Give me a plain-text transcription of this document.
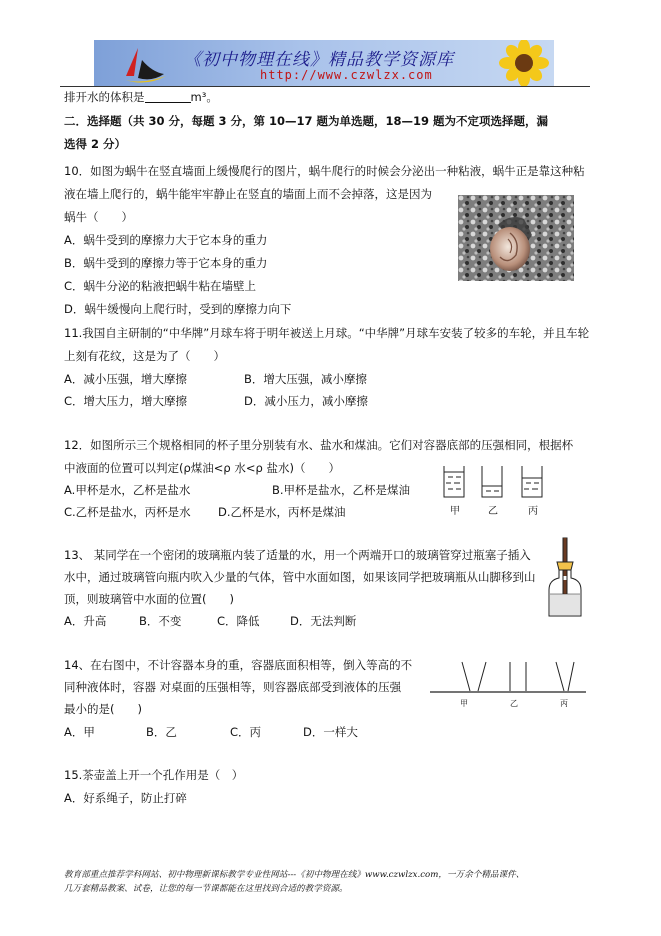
《初中物理在线》精品教学资源库
http://www.czwlzx.com
排开水的体积是	m³。
二．选择题（共 30 分，每题 3 分，第 10—17 题为单选题，18—19 题为不定项选择题，漏
选得 2 分）
10．如图为蜗牛在竖直墙面上缓慢爬行的图片，蜗牛爬行的时候会分泌出一种粘液，蜗牛正是靠这种粘
液在墙上爬行的，蜗牛能牢牢静止在竖直的墙面上而不会掉落，这是因为
蜗牛（　　）
A．蜗牛受到的摩擦力大于它本身的重力
B．蜗牛受到的摩擦力等于它本身的重力
C．蜗牛分泌的粘液把蜗牛粘在墙壁上
D．蜗牛缓慢向上爬行时，受到的摩擦力向下
11.我国自主研制的“中华牌”月球车将于明年被送上月球。“中华牌”月球车安装了较多的车轮，并且车轮
上刻有花纹，这是为了（　　）
A．减小压强，增大摩擦	B．增大压强，减小摩擦
C．增大压力，增大摩擦	D．减小压力，减小摩擦
12．如图所示三个规格相同的杯子里分别装有水、盐水和煤油。它们对容器底部的压强相同，根据杯
中液面的位置可以判定(ρ煤油<ρ 水<ρ 盐水)（　　）
A.甲杯是水，乙杯是盐水	B.甲杯是盐水，乙杯是煤油
C.乙杯是盐水，丙杯是水 D.乙杯是水，丙杯是煤油	甲	乙	丙
13、 某同学在一个密闭的玻璃瓶内装了适量的水，用一个两端开口的玻璃管穿过瓶塞子插入
水中，通过玻璃管向瓶内吹入少量的气体，管中水面如图，如果该同学把玻璃瓶从山脚移到山
顶，则玻璃管中水面的位置(　　)
A．升高	B．不变	C．降低	D．无法判断
14、在右图中，不计容器本身的重，容器底面积相等，倒入等高的不
同种液体时，容器 对桌面的压强相等，则容器底部受到液体的压强
最小的是(　　)
A．甲	B．乙	C．丙	D．一样大
甲	乙	丙
15.茶壶盖上开一个孔作用是（　）
A．好系绳子，防止打碎
教育部重点推荐学科网站、初中物理新课标教学专业性网站---《初中物理在线》www.czwlzx.com，一万余个精品课件、
几万套精品教案、试卷，让您的每一节课都能在这里找到合适的教学资源。
